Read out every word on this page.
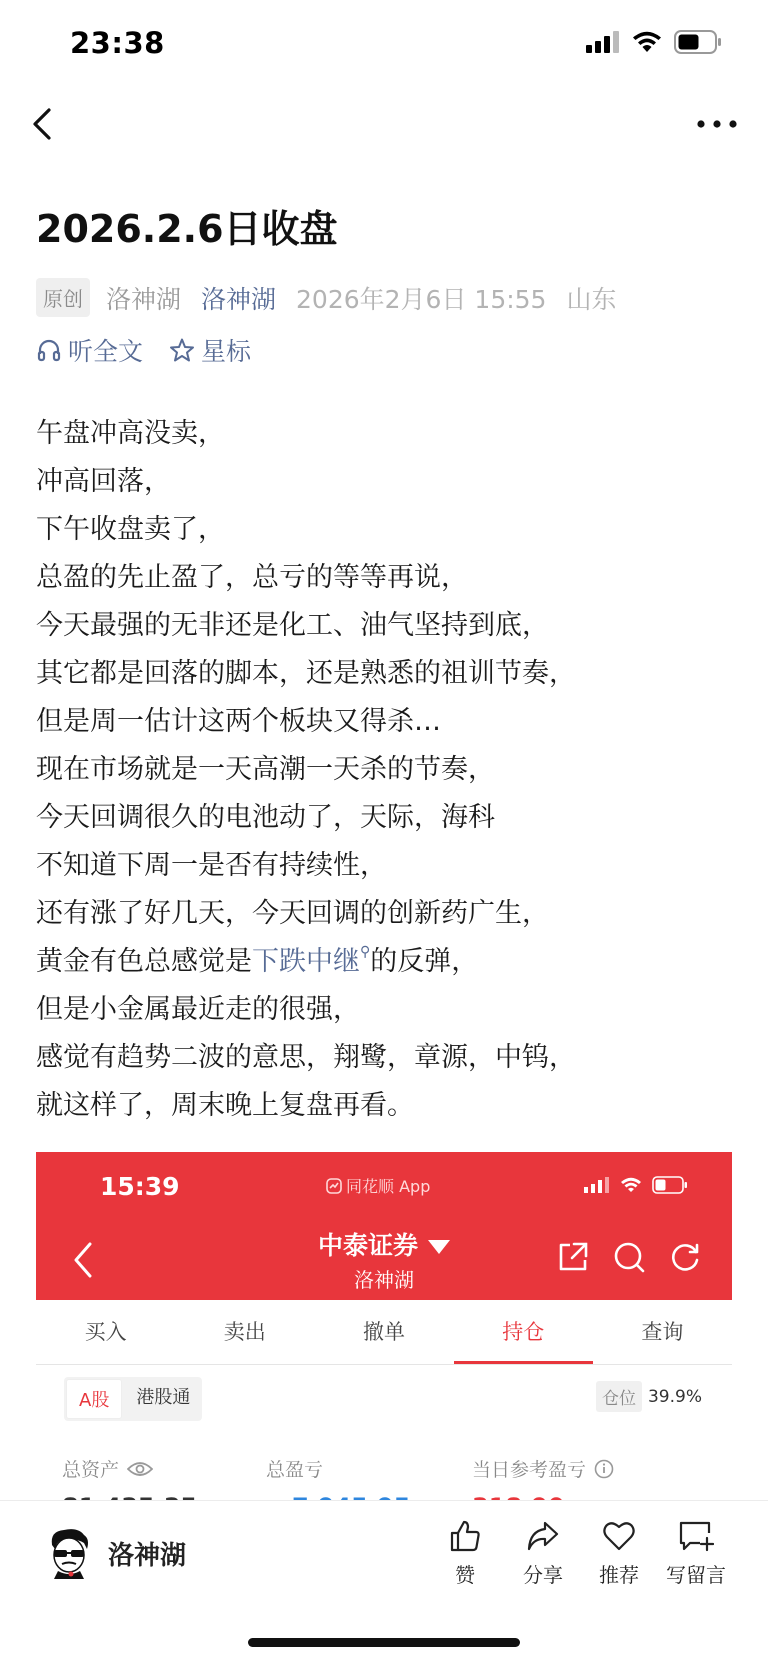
23:38
2026.2.6日收盘
原创 洛神湖 洛神湖 2026年2月6日 15:55 山东
听全文 星标
午盘冲高没卖，
冲高回落，
下午收盘卖了，
总盈的先止盈了，总亏的等等再说，
今天最强的无非还是化工、油气坚持到底，
其它都是回落的脚本，还是熟悉的祖训节奏，
但是周一估计这两个板块又得杀…
现在市场就是一天高潮一天杀的节奏，
今天回调很久的电池动了，天际，海科
不知道下周一是否有持续性，
还有涨了好几天，今天回调的创新药广生，
黄金有色总感觉是下跌中继⚲的反弹，
但是小金属最近走的很强，
感觉有趋势二波的意思，翔鹭，章源，中钨，
就这样了，周末晚上复盘再看。
15:39	同花顺 App
中泰证券
洛神湖
买入	卖出	撤单	持仓	查询
A股	港股通	仓位 39.9%
总资产	总盈亏	当日参考盈亏
洛神湖
赞	分享	推荐	写留言
